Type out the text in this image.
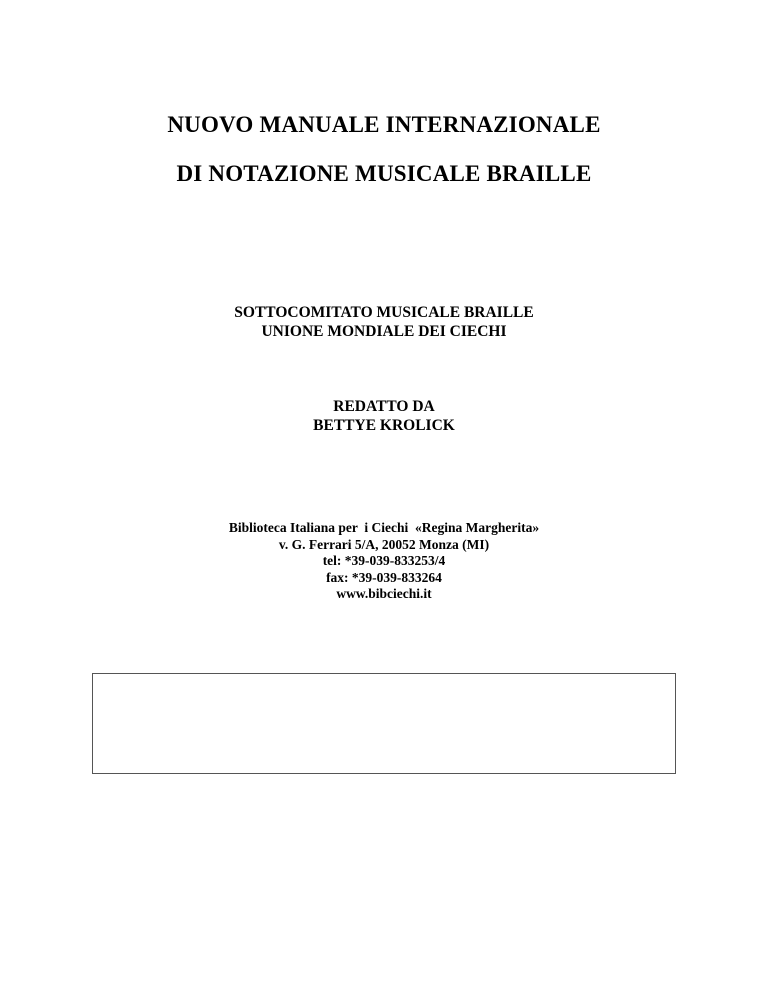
NUOVO MANUALE INTERNAZIONALE
DI NOTAZIONE MUSICALE BRAILLE
SOTTOCOMITATO MUSICALE BRAILLE
UNIONE MONDIALE DEI CIECHI
REDATTO DA
BETTYE KROLICK
Biblioteca Italiana per  i Ciechi  «Regina Margherita»
v. G. Ferrari 5/A, 20052 Monza (MI)
tel: *39-039-833253/4
fax: *39-039-833264
www.bibciechi.it
